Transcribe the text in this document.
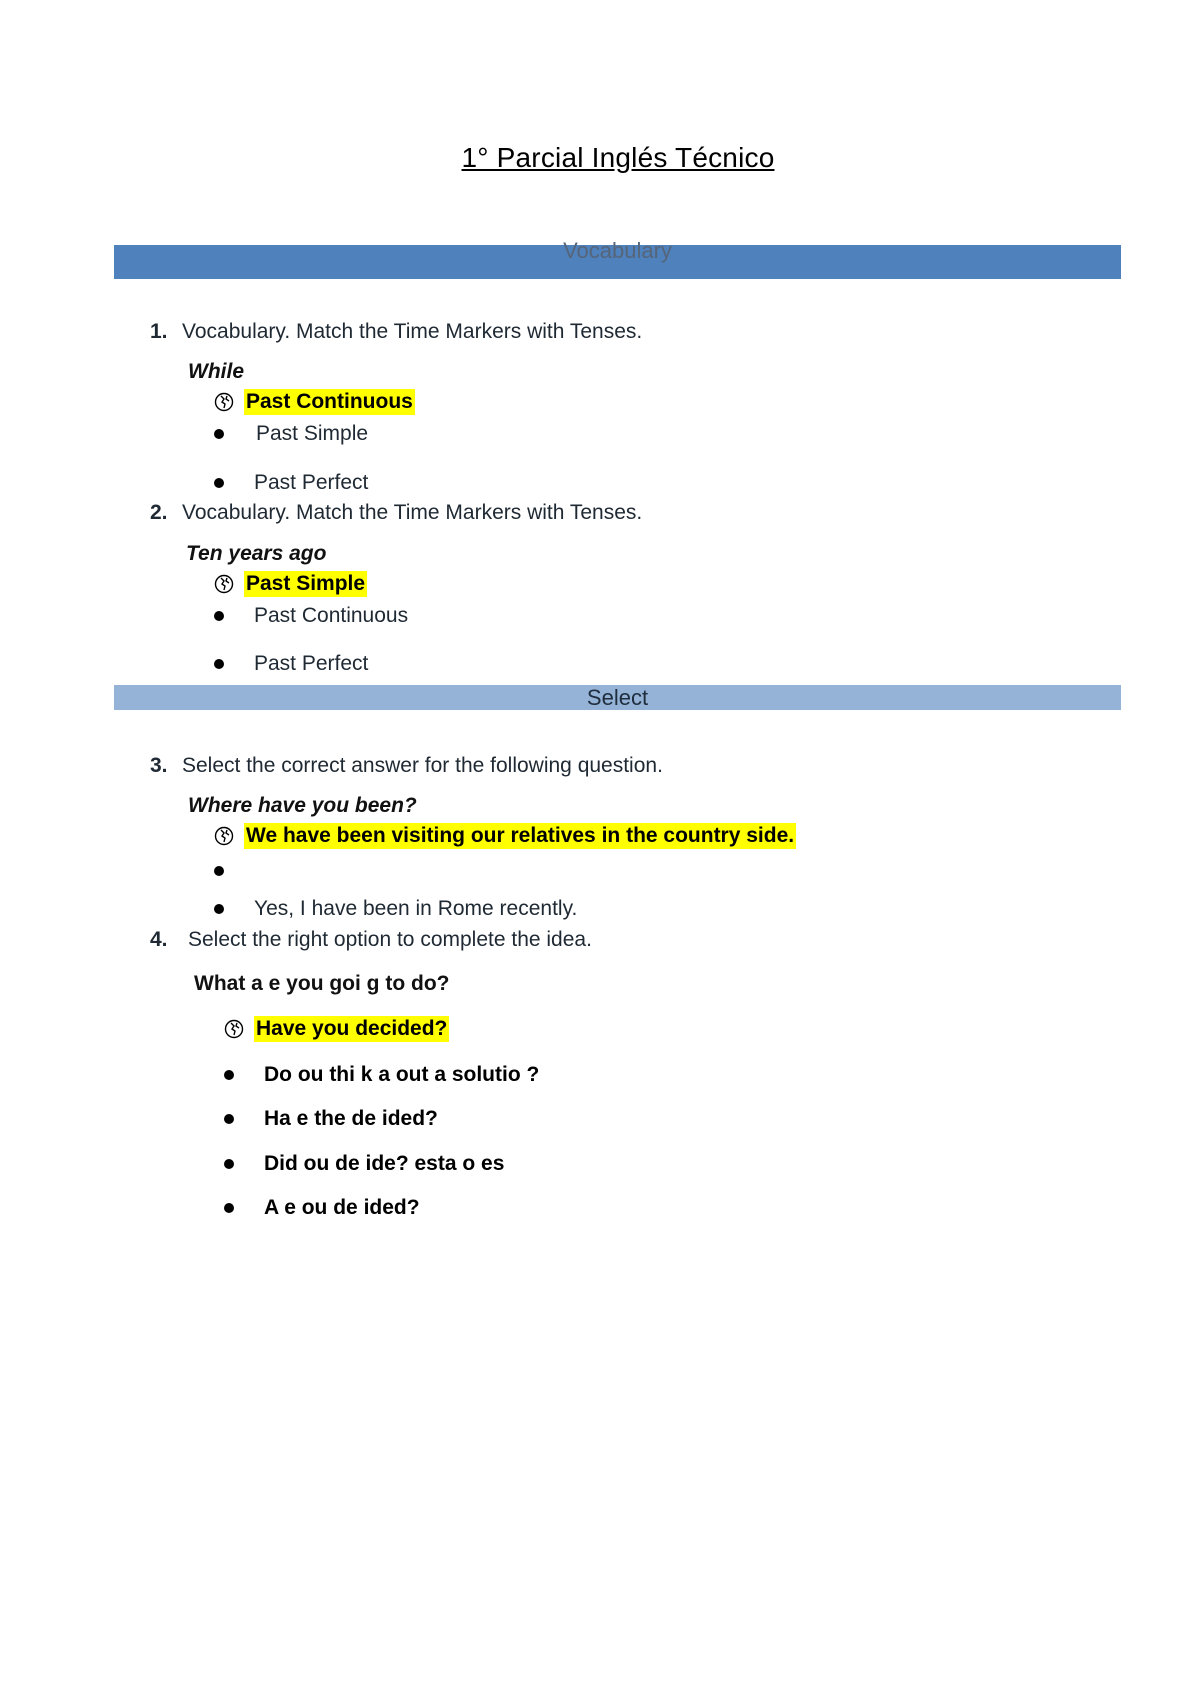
1° Parcial Inglés Técnico
Vocabulary
1. Vocabulary. Match the Time Markers with Tenses.
While
Past Continuous
Past Simple
Past Perfect
2. Vocabulary. Match the Time Markers with Tenses.
Ten years ago
Past Simple
Past Continuous
Past Perfect
Select
3. Select the correct answer for the following question.
Where have you been?
We have been visiting our relatives in the country side.
Yes, I have been in Rome recently.
4. Select the right option to complete the idea.
What a e you goi g to do?
Have you decided?
Do ou thi k a out a solutio ?
Ha e the de ided?
Did ou de ide? esta o es
A e ou de ided?
